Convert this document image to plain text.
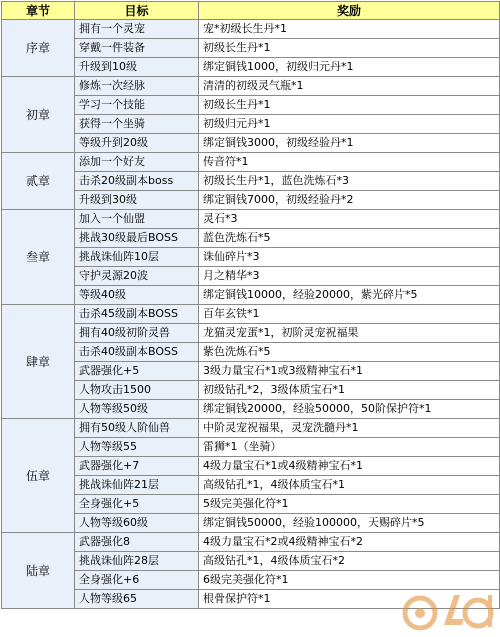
章节	目标	奖励
序章	拥有一个灵宠	宠*初级长生丹*1
	穿戴一件装备	初级长生丹*1
	升级到10级	绑定铜钱1000，初级归元丹*1
初章	修炼一次经脉	清清的初级灵气瓶*1
	学习一个技能	初级长生丹*1
	获得一个坐骑	初级归元丹*1
	等级升到20级	绑定铜钱3000，初级经验丹*1
贰章	添加一个好友	传音符*1
	击杀20级副本boss	初级长生丹*1，蓝色洗炼石*3
	升级到30级	绑定铜钱7000，初级经验丹*2
叁章	加入一个仙盟	灵石*3
	挑战30级最后BOSS	蓝色洗炼石*5
	挑战诛仙阵10层	诛仙碎片*3
	守护灵源20波	月之精华*3
	等级40级	绑定铜钱10000，经验20000，紫光碎片*5
肆章	击杀45级副本BOSS	百年玄铁*1
	拥有40级初阶灵兽	龙猫灵宠蛋*1，初阶灵宠祝福果
	击杀40级副本BOSS	紫色洗炼石*5
	武器强化+5	3级力量宝石*1或3级精神宝石*1
	人物攻击1500	初级钻孔*2，3级体质宝石*1
	人物等级50级	绑定铜钱20000，经验50000，50阶保护符*1
伍章	拥有50级人阶仙兽	中阶灵宠祝福果，灵宠洗髓丹*1
	人物等级55	雷狮*1（坐骑）
	武器强化+7	4级力量宝石*1或4级精神宝石*1
	挑战诛仙阵21层	高级钻孔*1，4级体质宝石*1
	全身强化+5	5级完美强化符*1
	人物等级60级	绑定铜钱50000，经验100000，天赐碎片*5
陆章	武器强化8	4级力量宝石*2或4级精神宝石*2
	挑战诛仙阵28层	高级钻孔*1，4级体质宝石*2
	全身强化+6	6级完美强化符*1
	人物等级65	根骨保护符*1
